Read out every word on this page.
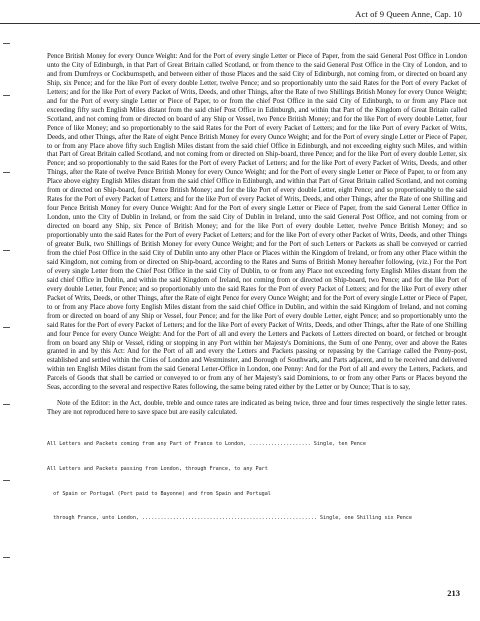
Act of 9 Queen Anne, Cap. 10

Pence British Money for every Ounce Weight: And for the Port of every single Letter or Piece of Paper, from the said General Post Office in London unto the City of Edinburgh, in that Part of Great Britain called Scotland, or from thence to the said General Post Office in the City of London, and to and from Dumfreys or Cockburnspeth, and between either of those Places and the said City of Edinburgh, not coming from, or directed on board any Ship, six Pence; and for the like Port of every double Letter, twelve Pence; and so proportionably unto the said Rates for the Port of every Packet of Letters; and for the like Port of every Packet of Writs, Deeds, and other Things, after the Rate of two Shillings British Money for every Ounce Weight; and for the Port of every single Letter or Piece of Paper, to or from the chief Post Office in the said City of Edinburgh, to or from any Place not exceeding fifty such English Miles distant from the said chief Post Office in Edinburgh, and within that Part of the Kingdom of Great Britain called Scotland, and not coming from or directed on board of any Ship or Vessel, two Pence British Money; and for the like Port of every double Letter, four Pence of like Money; and so proportionably to the said Rates for the Port of every Packet of Letters; and for the like Port of every Packet of Writs, Deeds, and other Things, after the Rate of eight Pence British Money for every Ounce Weight; and for the Port of every single Letter or Piece of Paper, to or from any Place above fifty such English Miles distant from the said chief Office in Edinburgh, and not exceeding eighty such Miles, and within that Part of Great Britain called Scotland, and not coming from or directed on Ship-board, three Pence; and for the like Port of every double Letter, six Pence; and so proportionably to the said Rates for the Port of every Packet of Letters; and for the like Port of every Packet of Writs, Deeds, and other Things, after the Rate of twelve Pence British Money for every Ounce Weight; and for the Port of every single Letter or Piece of Paper, to or from any Place above eighty English Miles distant from the said chief Office in Edinburgh, and within that Part of Great Britain called Scotland, and not coming from or directed on Ship-board, four Pence British Money; and for the like Port of every double Letter, eight Pence; and so proportionably to the said Rates for the Port of every Packet of Letters; and for the like Port of every Packet of Writs, Deeds, and other Things, after the Rate of one Shilling and four Pence British Money for every Ounce Weight: And for the Port of every single Letter or Piece of Paper, from the said General Letter Office in London, unto the City of Dublin in Ireland, or from the said City of Dublin in Ireland, unto the said General Post Office, and not coming from or directed on board any Ship, six Pence of British Money; and for the like Port of every double Letter, twelve Pence British Money; and so proportionably unto the said Rates for the Port of every Packet of Letters; and for the like Port of every other Packet of Writs, Deeds, and other Things of greater Bulk, two Shillings of British Money for every Ounce Weight; and for the Port of such Letters or Packets as shall be conveyed or carried from the chief Post Office in the said City of Dublin unto any other Place or Places within the Kingdom of Ireland, or from any other Place within the said Kingdom, not coming from or directed on Ship-board, according to the Rates and Sums of British Money hereafter following, (viz.) For the Port of every single Letter from the Chief Post Office in the said City of Dublin, to or from any Place not exceeding forty English Miles distant from the said chief Office in Dublin, and within the said Kingdom of Ireland, not coming from or directed on Ship-board, two Pence; and for the like Port of every double Letter, four Pence; and so proportionably unto the said Rates for the Port of every Packet of Letters; and for the like Port of every other Packet of Writs, Deeds, or other Things, after the Rate of eight Pence for every Ounce Weight; and for the Port of every single Letter or Piece of Paper, to or from any Place above forty English Miles distant from the said chief Office in Dublin, and within the said Kingdom of Ireland, and not coming from or directed on board of any Ship or Vessel, four Pence; and for the like Port of every double Letter, eight Pence; and so proportionably unto the said Rates for the Port of every Packet of Letters; and for the like Port of every Packet of Writs, Deeds, and other Things, after the Rate of one Shilling and four Pence for every Ounce Weight: And for the Port of all and every the Letters and Packets of Letters directed on board, or fetched or brought from on board any Ship or Vessel, riding or stopping in any Port within her Majesty's Dominions, the Sum of one Penny, over and above the Rates granted in and by this Act: And for the Port of all and every the Letters and Packets passing or repassing by the Carriage called the Penny-post, established and settled within the Cities of London and Westminster, and Borough of Southwark, and Parts adjacent, and to be received and delivered within ten English Miles distant from the said General Letter-Office in London, one Penny: And for the Port of all and every the Letters, Packets, and Parcels of Goods that shall be carried or conveyed to or from any of her Majesty's said Dominions, to or from any other Parts or Places beyond the Seas, according to the several and respective Rates following, the same being rated either by the Letter or by Ounce; That is to say,

Note of the Editor: in the Act, double, treble and ounce rates are indicated as being twice, three and four times respectively the single letter rates. They are not reproduced here to save space but are easily calculated.

All Letters and Packets coming from any Part of France to London, .................... Single, ten Pence

All Letters and Packets passing from London, through France, to any Part

of Spain or Portugal (Port paid to Bayonne) and from Spain and Portugal

through France, unto London, ......................................................... Single, one Shilling six Pence

213
